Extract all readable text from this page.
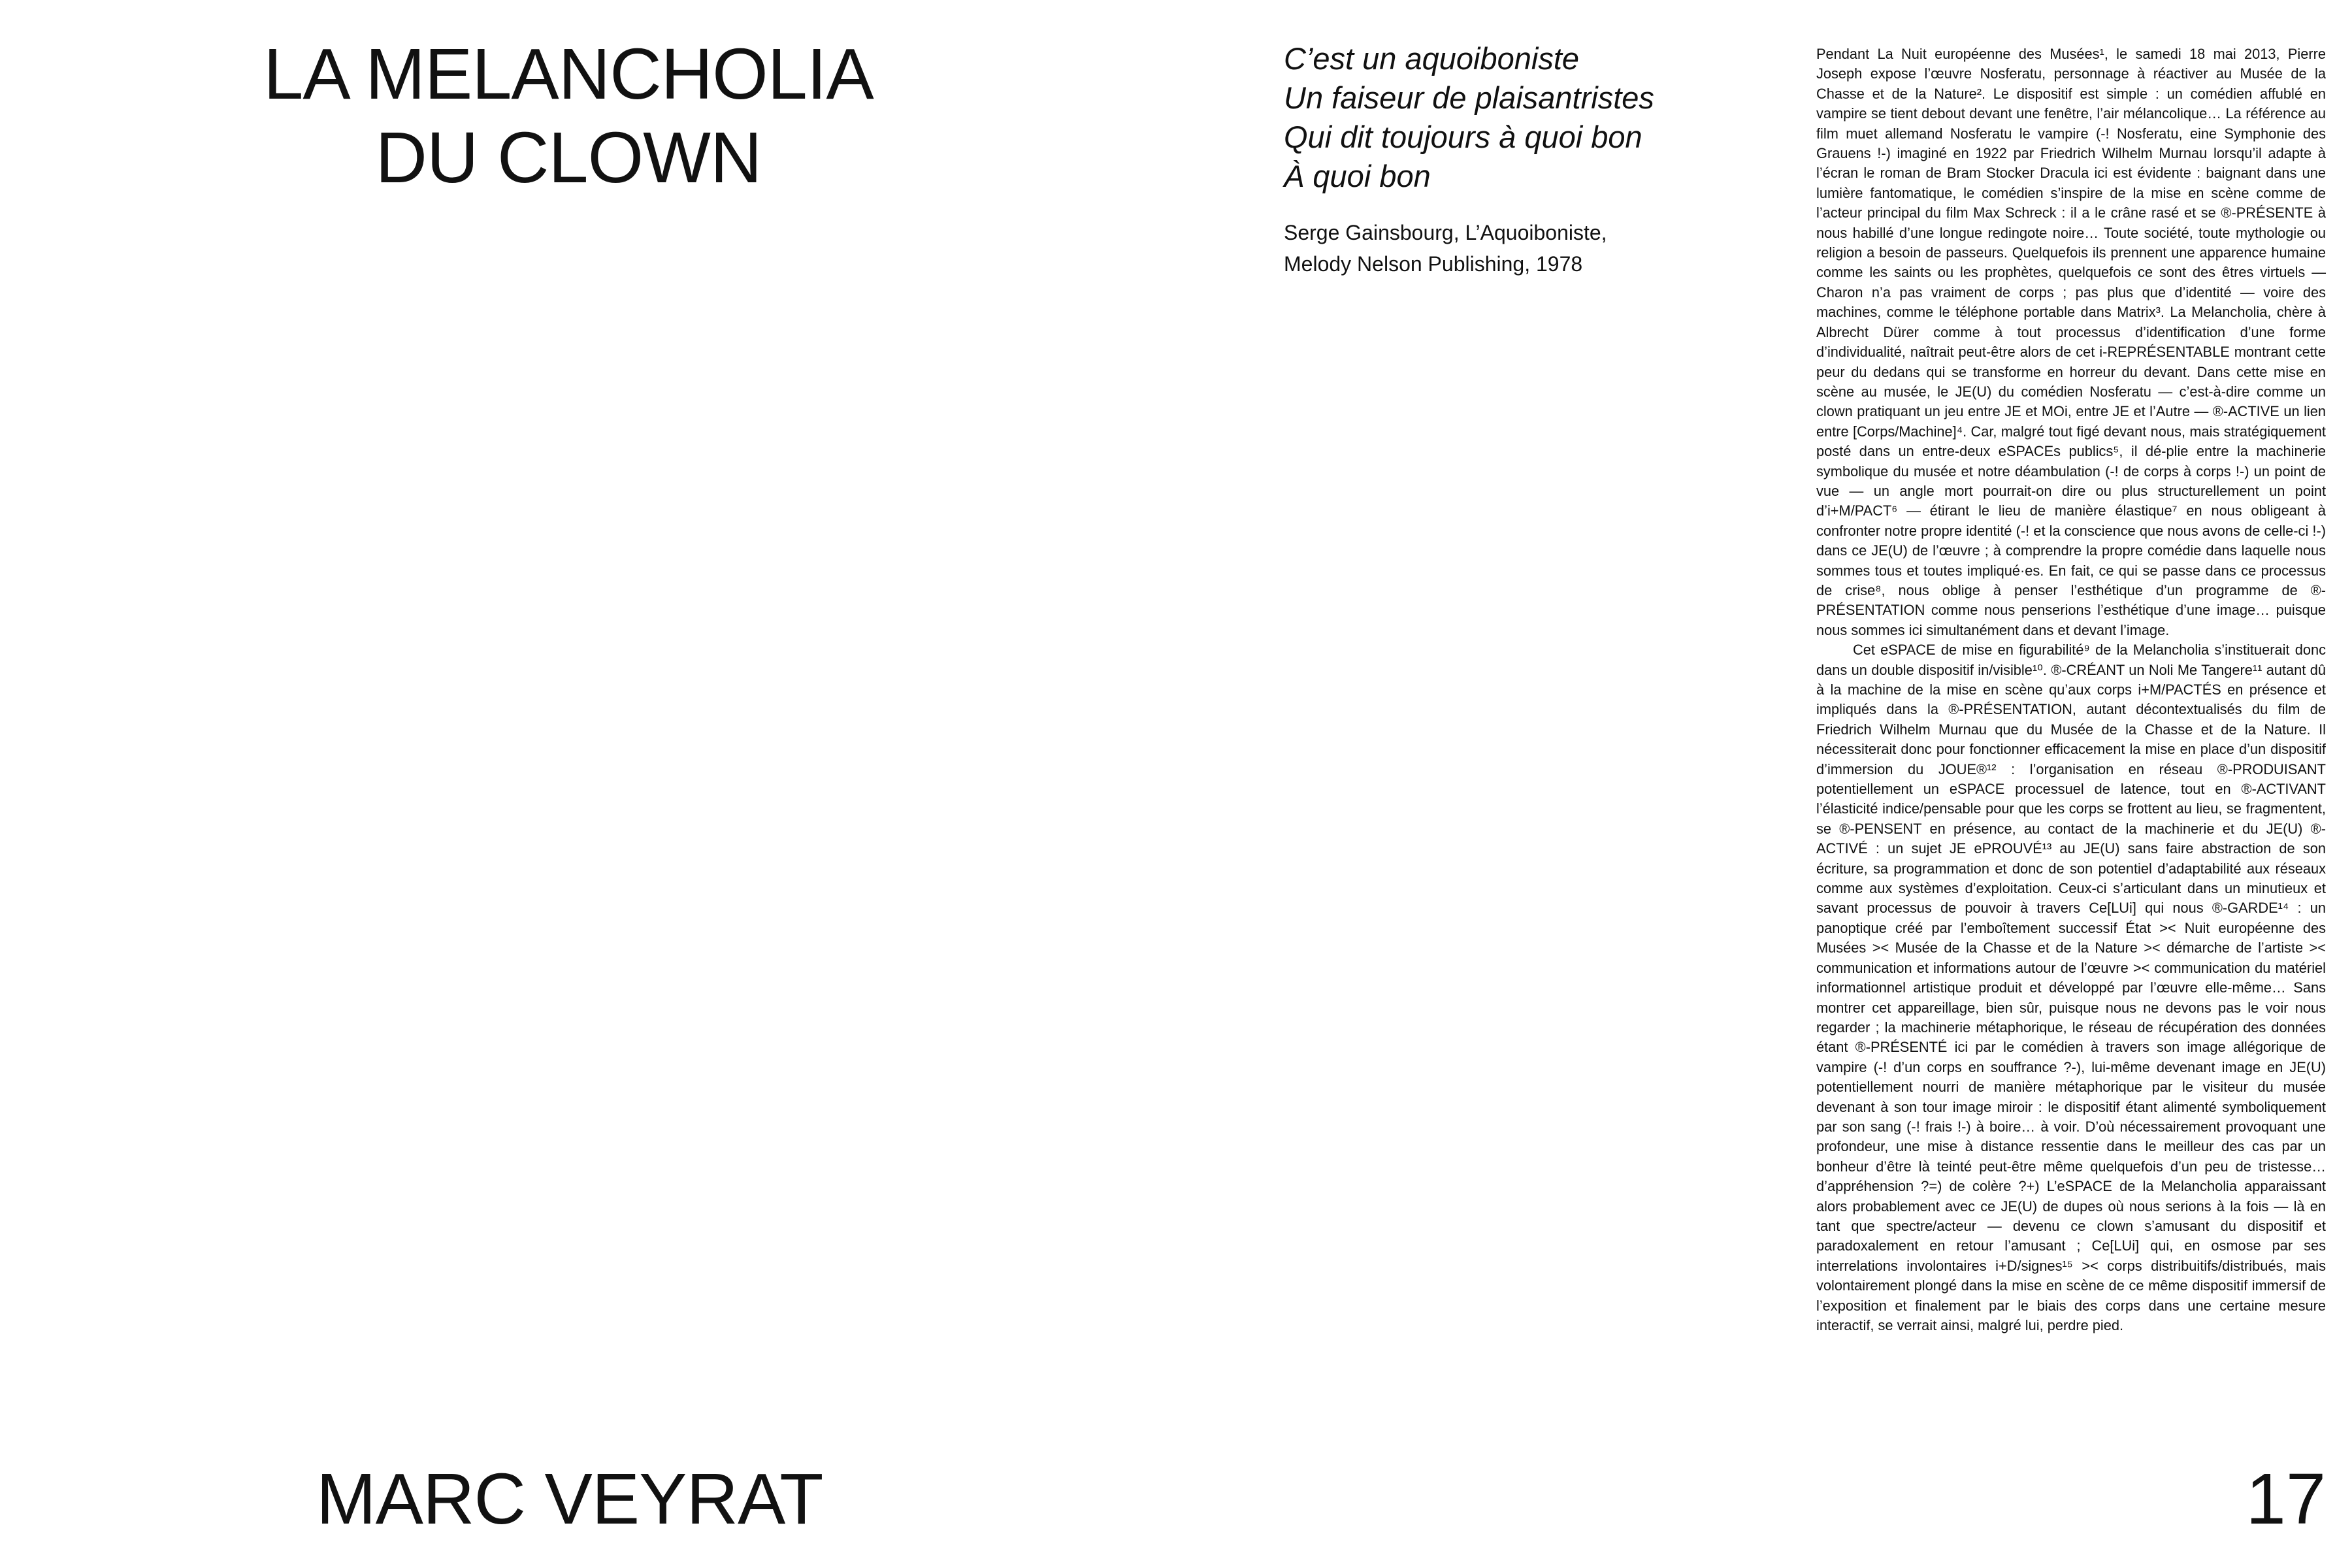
LA MELANCHOLIA
DU CLOWN
C’est un aquoiboniste
Un faiseur de plaisantristes
Qui dit toujours à quoi bon
À quoi bon
Serge Gainsbourg, L’Aquoiboniste,
Melody Nelson Publishing, 1978

Pendant La Nuit européenne des Musées¹, le samedi 18 mai 2013, Pierre Joseph expose l’œuvre Nosferatu, personnage à réactiver au Musée de la Chasse et de la Nature². Le dispositif est simple : un comédien affublé en vampire se tient debout devant une fenêtre, l’air mélancolique… La référence au film muet allemand Nosferatu le vampire (-! Nosferatu, eine Symphonie des Grauens !-) imaginé en 1922 par Friedrich Wilhelm Murnau lorsqu’il adapte à l’écran le roman de Bram Stocker Dracula ici est évidente : baignant dans une lumière fantomatique, le comédien s’inspire de la mise en scène comme de l’acteur principal du film Max Schreck : il a le crâne rasé et se ®-PRÉSENTE à nous habillé d’une longue redingote noire… Toute société, toute mythologie ou religion a besoin de passeurs. Quelquefois ils prennent une apparence humaine comme les saints ou les prophètes, quelquefois ce sont des êtres virtuels — Charon n’a pas vraiment de corps ; pas plus que d’identité — voire des machines, comme le téléphone portable dans Matrix³. La Melancholia, chère à Albrecht Dürer comme à tout processus d’identification d’une forme d’individualité, naîtrait peut-être alors de cet i-REPRÉSENTABLE montrant cette peur du dedans qui se transforme en horreur du devant. Dans cette mise en scène au musée, le JE(U) du comédien Nosferatu — c’est-à-dire comme un clown pratiquant un jeu entre JE et MOi, entre JE et l’Autre — ®-ACTIVE un lien entre [Corps/Machine]⁴. Car, malgré tout figé devant nous, mais stratégiquement posté dans un entre-deux eSPACEs publics⁵, il dé-plie entre la machinerie symbolique du musée et notre déambulation (-! de corps à corps !-) un point de vue — un angle mort pourrait-on dire ou plus structurellement un point d’i+M/PACT⁶ — étirant le lieu de manière élastique⁷ en nous obligeant à confronter notre propre identité (-! et la conscience que nous avons de celle-ci !-) dans ce JE(U) de l’œuvre ; à comprendre la propre comédie dans laquelle nous sommes tous et toutes impliqué·es. En fait, ce qui se passe dans ce processus de crise⁸, nous oblige à penser l’esthétique d’un programme de ®-PRÉSENTATION comme nous penserions l’esthétique d’une image… puisque nous sommes ici simultanément dans et devant l’image.

Cet eSPACE de mise en figurabilité⁹ de la Melancholia s’instituerait donc dans un double dispositif in/visible¹⁰. ®-CRÉANT un Noli Me Tangere¹¹ autant dû à la machine de la mise en scène qu’aux corps i+M/PACTÉS en présence et impliqués dans la ®-PRÉSENTATION, autant décontextualisés du film de Friedrich Wilhelm Murnau que du Musée de la Chasse et de la Nature. Il nécessiterait donc pour fonctionner efficacement la mise en place d’un dispositif d’immersion du JOUE®¹² : l’organisation en réseau ®-PRODUISANT potentiellement un eSPACE processuel de latence, tout en ®-ACTIVANT l’élasticité indice/pensable pour que les corps se frottent au lieu, se fragmentent, se ®-PENSENT en présence, au contact de la machinerie et du JE(U) ®-ACTIVÉ : un sujet JE ePROUVÉ¹³ au JE(U) sans faire abstraction de son écriture, sa programmation et donc de son potentiel d’adaptabilité aux réseaux comme aux systèmes d’exploitation. Ceux-ci s’articulant dans un minutieux et savant processus de pouvoir à travers Ce[LUi] qui nous ®-GARDE¹⁴ : un panoptique créé par l’emboîtement successif État >< Nuit européenne des Musées >< Musée de la Chasse et de la Nature >< démarche de l’artiste >< communication et informations autour de l’œuvre >< communication du matériel informationnel artistique produit et développé par l’œuvre elle-même… Sans montrer cet appareillage, bien sûr, puisque nous ne devons pas le voir nous regarder ; la machinerie métaphorique, le réseau de récupération des données étant ®-PRÉSENTÉ ici par le comédien à travers son image allégorique de vampire (-! d’un corps en souffrance ?-), lui-même devenant image en JE(U) potentiellement nourri de manière métaphorique par le visiteur du musée devenant à son tour image miroir : le dispositif étant alimenté symboliquement par son sang (-! frais !-) à boire… à voir. D’où nécessairement provoquant une profondeur, une mise à distance ressentie dans le meilleur des cas par un bonheur d’être là teinté peut-être même quelquefois d’un peu de tristesse… d’appréhension ?=) de colère ?+) L’eSPACE de la Melancholia apparaissant alors probablement avec ce JE(U) de dupes où nous serions à la fois — là en tant que spectre/acteur — devenu ce clown s’amusant du dispositif et paradoxalement en retour l’amusant ; Ce[LUi] qui, en osmose par ses interrelations involontaires i+D/signes¹⁵ >< corps distribuitifs/distribués, mais volontairement plongé dans la mise en scène de ce même dispositif immersif de l’exposition et finalement par le biais des corps dans une certaine mesure interactif, se verrait ainsi, malgré lui, perdre pied.

MARC VEYRAT	17
